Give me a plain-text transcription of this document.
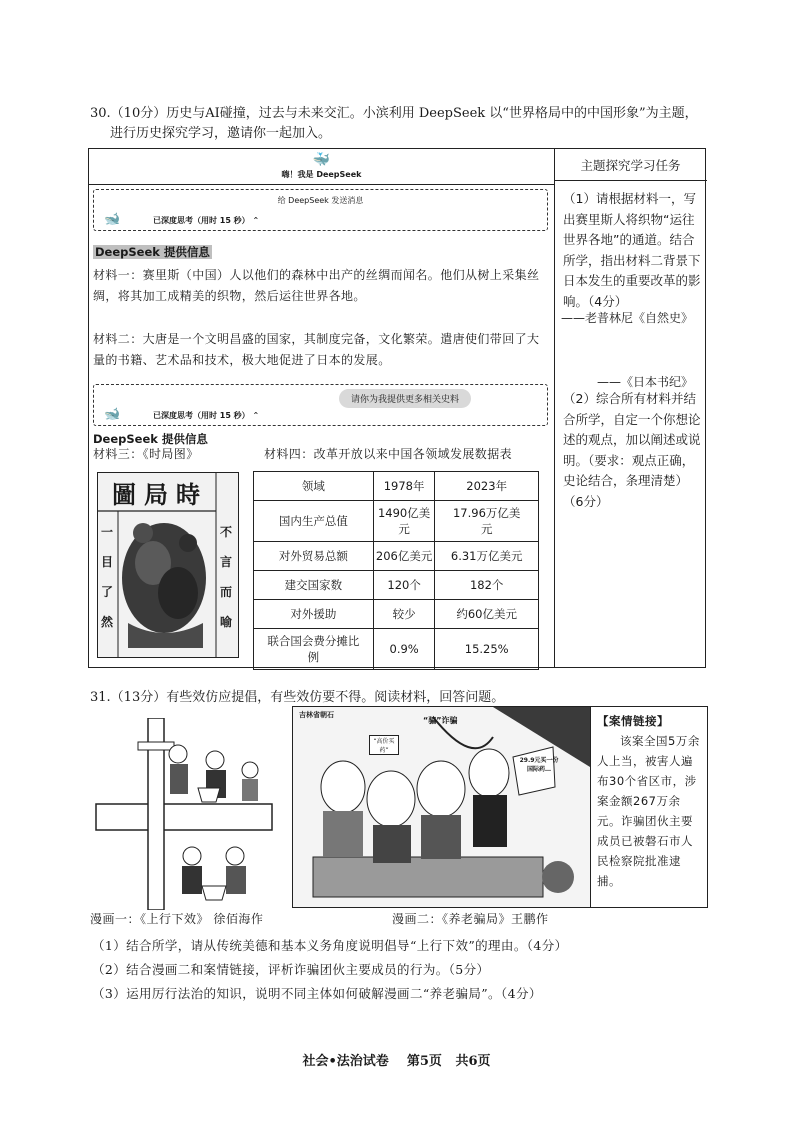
30.（10分）历史与AI碰撞，过去与未来交汇。小滨利用 DeepSeek 以“世界格局中的中国形象”为主题，
进行历史探究学习，邀请你一起加入。
🐳
嗨！我是 DeepSeek
主题探究学习任务
给 DeepSeek 发送消息
🐋	已深度思考（用时 15 秒） ⌃
DeepSeek 提供信息
材料一：赛里斯（中国）人以他们的森林中出产的丝绸而闻名。他们从树上采集丝绸，将其加工成精美的织物，然后运往世界各地。
——老普林尼《自然史》
材料二：大唐是一个文明昌盛的国家，其制度完备，文化繁荣。遣唐使们带回了大量的书籍、艺术品和技术，极大地促进了日本的发展。
——《日本书纪》
请你为我提供更多相关史料
🐋	已深度思考（用时 15 秒） ⌃
DeepSeek 提供信息
材料三：《时局图》	材料四：改革开放以来中国各领域发展数据表
圖局時
不言而喻
一目了然
领域	1978年	2023年
国内生产总值	1490亿美元	17.96万亿美元
对外贸易总额	206亿美元	6.31万亿美元
建交国家数	120个	182个
对外援助	较少	约60亿美元
联合国会费分摊比例	0.9%	15.25%
（1）请根据材料一，写出赛里斯人将织物“运往世界各地”的通道。结合所学，指出材料二背景下日本发生的重要改革的影响。（4分）
（2）综合所有材料并结合所学，自定一个你想论述的观点，加以阐述或说明。（要求：观点正确，史论结合，条理清楚）（6分）
31.（13分）有些效仿应提倡，有些效仿要不得。阅读材料，回答问题。
吉林省朝石
“骗”诈骗
“高价买药”
29.9元买一份国际药…
【案情链接】
该案全国5万余人上当，被害人遍布30个省区市，涉案金额267万余元。诈骗团伙主要成员已被磐石市人民检察院批准逮捕。
漫画一：《上行下效》 徐佰海作	漫画二：《养老骗局》王鹏作
（1）结合所学，请从传统美德和基本义务角度说明倡导“上行下效”的理由。（4分）
（2）结合漫画二和案情链接，评析诈骗团伙主要成员的行为。（5分）
（3）运用厉行法治的知识，说明不同主体如何破解漫画二“养老骗局”。（4分）
社会•法治试卷    第5页   共6页
